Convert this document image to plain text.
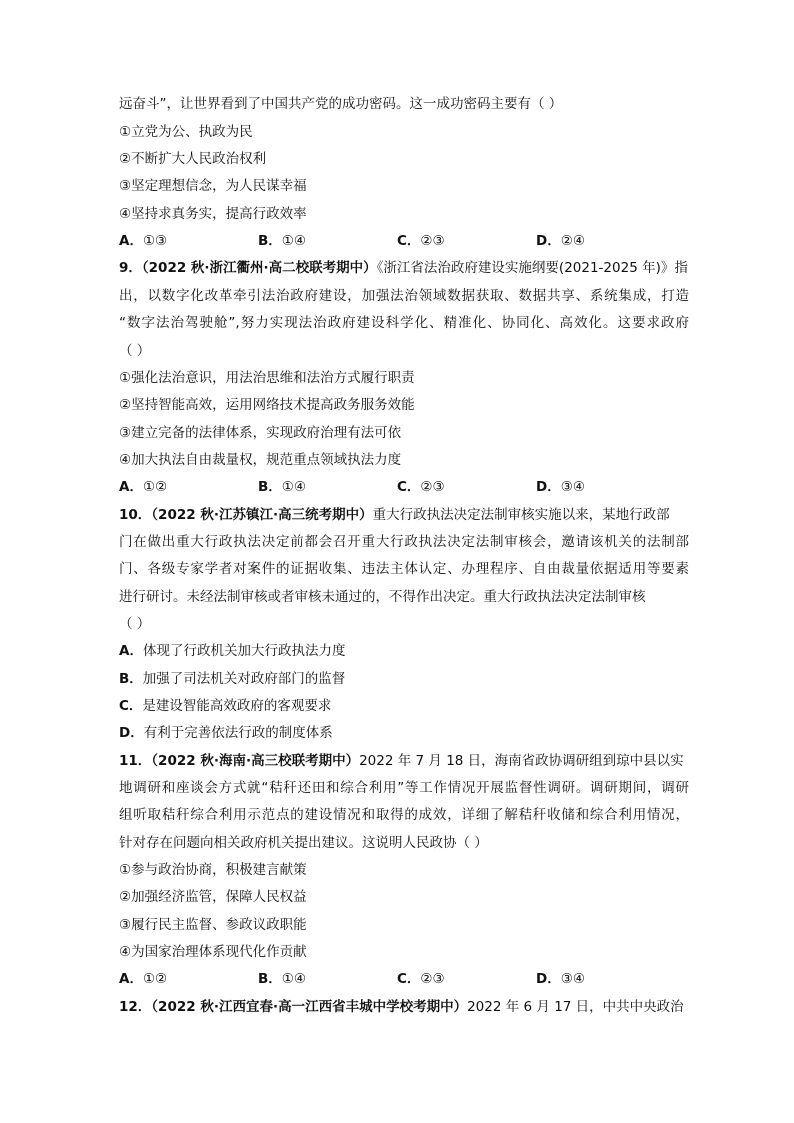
远奋斗”，让世界看到了中国共产党的成功密码。这一成功密码主要有（ ）
①立党为公、执政为民
②不断扩大人民政治权利
③坚定理想信念，为人民谋幸福
④坚持求真务实，提高行政效率
A．①③	B．①④	C．②③	D．②④
9．（2022 秋·浙江衢州·高二校联考期中）《浙江省法治政府建设实施纲要(2021-2025 年)》指
出，以数字化改革牵引法治政府建设，加强法治领域数据获取、数据共享、系统集成，打造
“数字法治驾驶舱”,努力实现法治政府建设科学化、精准化、协同化、高效化。这要求政府
（ ）
①强化法治意识，用法治思维和法治方式履行职责
②坚持智能高效，运用网络技术提高政务服务效能
③建立完备的法律体系，实现政府治理有法可依
④加大执法自由裁量权，规范重点领域执法力度
A．①②	B．①④	C．②③	D．③④
10．（2022 秋·江苏镇江·高三统考期中）重大行政执法决定法制审核实施以来，某地行政部
门在做出重大行政执法决定前都会召开重大行政执法决定法制审核会，邀请该机关的法制部
门、各级专家学者对案件的证据收集、违法主体认定、办理程序、自由裁量依据适用等要素
进行研讨。未经法制审核或者审核未通过的，不得作出决定。重大行政执法决定法制审核
（ ）
A．体现了行政机关加大行政执法力度
B．加强了司法机关对政府部门的监督
C．是建设智能高效政府的客观要求
D．有利于完善依法行政的制度体系
11．（2022 秋·海南·高三校联考期中）2022 年 7 月 18 日，海南省政协调研组到琼中县以实
地调研和座谈会方式就“秸秆还田和综合利用”等工作情况开展监督性调研。调研期间，调研
组听取秸秆综合利用示范点的建设情况和取得的成效，详细了解秸秆收储和综合利用情况，
针对存在问题向相关政府机关提出建议。这说明人民政协（ ）
①参与政治协商，积极建言献策
②加强经济监管，保障人民权益
③履行民主监督、参政议政职能
④为国家治理体系现代化作贡献
A．①②	B．①④	C．②③	D．③④
12．（2022 秋·江西宜春·高一江西省丰城中学校考期中）2022 年 6 月 17 日，中共中央政治
